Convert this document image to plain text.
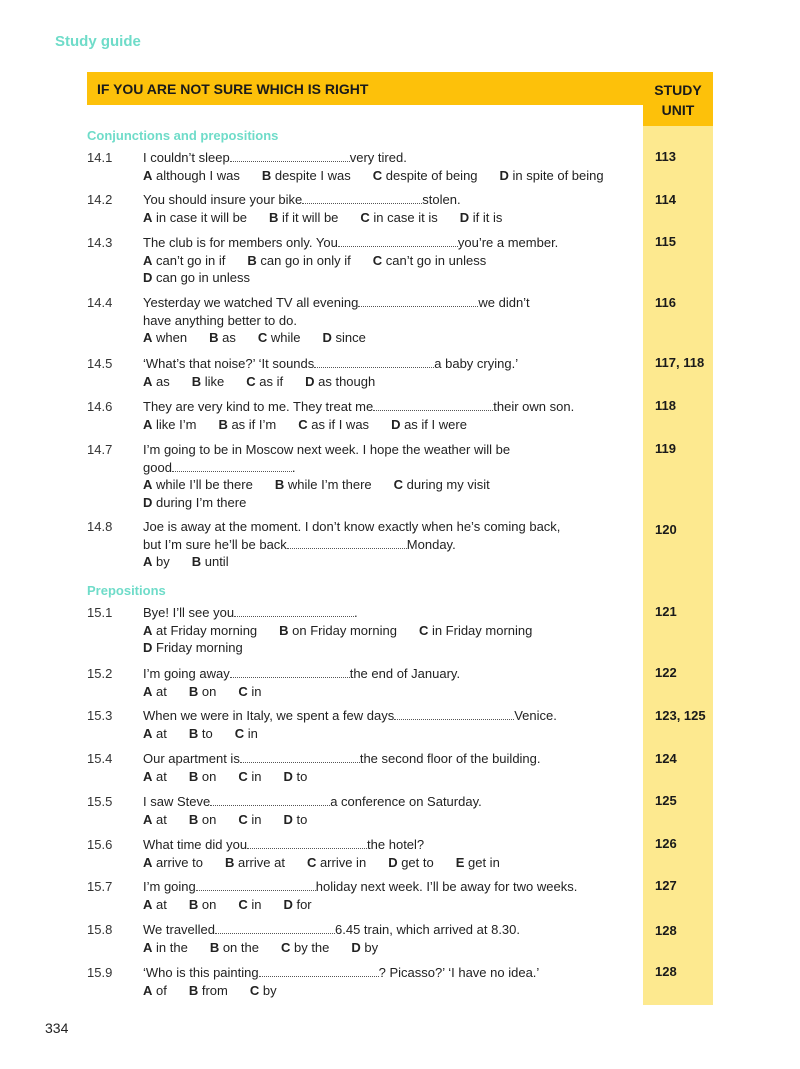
Study guide
IF YOU ARE NOT SURE WHICH IS RIGHT	STUDY
UNIT
Conjunctions and prepositions
Prepositions
14.1	I couldn’t sleep	very tired.
A although I was B despite I was C despite of being D in spite of being
113
14.2	You should insure your bike	stolen.
A in case it will be B if it will be C in case it is D if it is
114
14.3	The club is for members only. You	you’re a member.
A can’t go in if B can go in only if C can’t go in unless
D can go in unless
115
14.4	Yesterday we watched TV all evening	we didn’t
have anything better to do.
A when B as C while D since
116
14.5	‘What’s that noise?’ ‘It sounds	a baby crying.’
A as B like C as if D as though
117, 118
14.6	They are very kind to me. They treat me	their own son.
A like I’m B as if I’m C as if I was D as if I were
118
14.7	I’m going to be in Moscow next week. I hope the weather will be
good	.
A while I’ll be there B while I’m there C during my visit
D during I’m there
119
14.8	Joe is away at the moment. I don’t know exactly when he’s coming back,
but I’m sure he’ll be back	Monday.
A by B until
120
15.1	Bye! I’ll see you	.
A at Friday morning B on Friday morning C in Friday morning
D Friday morning
121
15.2	I’m going away	the end of January.
A at B on C in
122
15.3	When we were in Italy, we spent a few days	Venice.
A at B to C in
123, 125
15.4	Our apartment is	the second floor of the building.
A at B on C in D to
124
15.5	I saw Steve	a conference on Saturday.
A at B on C in D to
125
15.6	What time did you	the hotel?
A arrive to B arrive at C arrive in D get to E get in
126
15.7	I’m going	holiday next week. I’ll be away for two weeks.
A at B on C in D for
127
15.8	We travelled	6.45 train, which arrived at 8.30.
A in the B on the C by the D by
128
15.9	‘Who is this painting	? Picasso?’ ‘I have no idea.’
A of B from C by
128
334
